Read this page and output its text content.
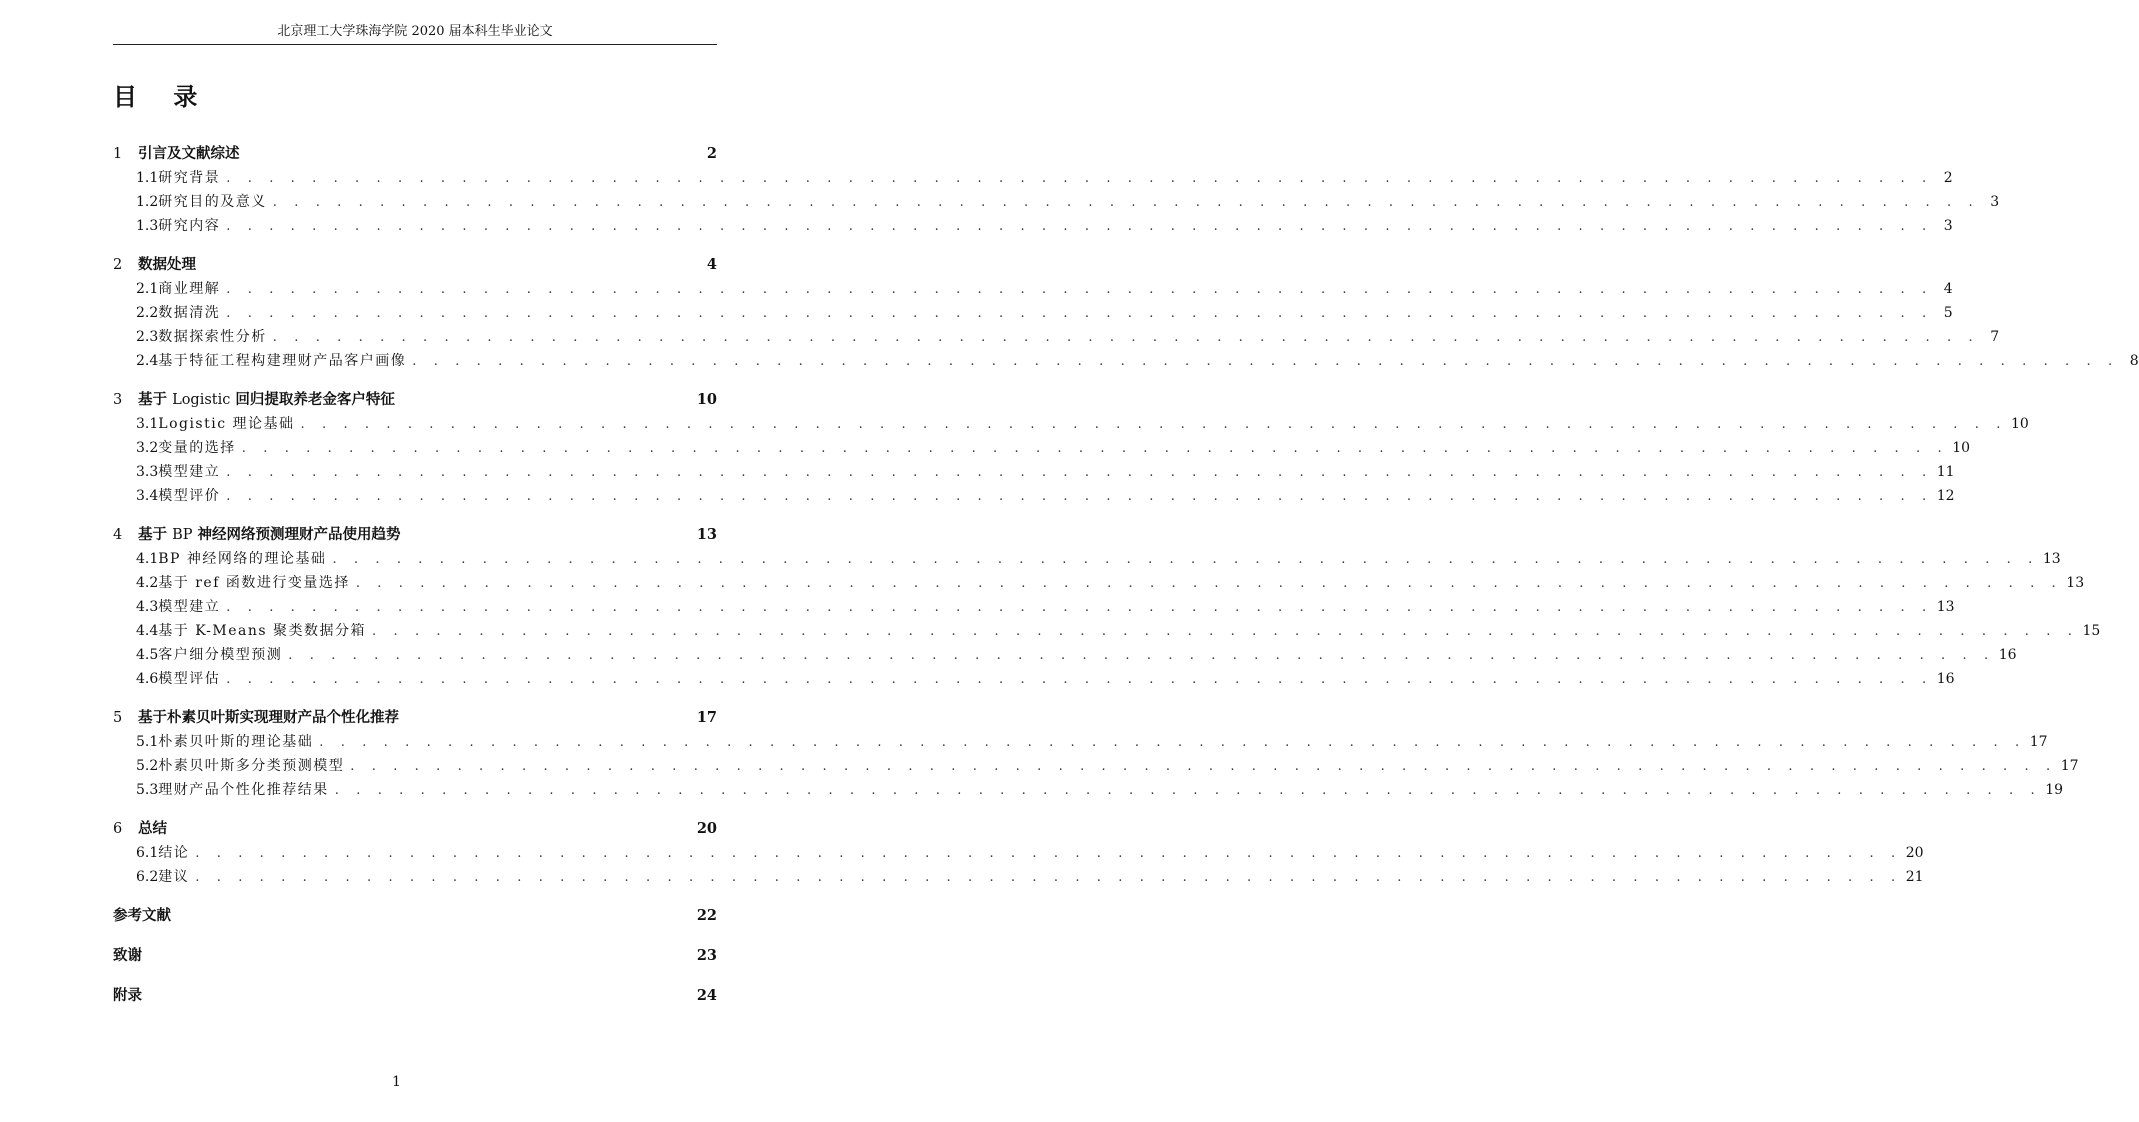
北京理工大学珠海学院 2020 届本科生毕业论文
目 录
1	引言及文献综述	2
1.1 研究背景 . . . . . . . . . . . . . . . . . . . . . . . . . . . . . . . . . . . . . . . . . . . . . . . . . . . . . . . . . . . . . . . . . . . . . . . . . . . . . . . . 2
1.2 研究目的及意义 . . . . . . . . . . . . . . . . . . . . . . . . . . . . . . . . . . . . . . . . . . . . . . . . . . . . . . . . . . . . . . . . . . . . . . . . . . . . . . . . 3
1.3 研究内容 . . . . . . . . . . . . . . . . . . . . . . . . . . . . . . . . . . . . . . . . . . . . . . . . . . . . . . . . . . . . . . . . . . . . . . . . . . . . . . . . 3
2	数据处理	4
2.1 商业理解 . . . . . . . . . . . . . . . . . . . . . . . . . . . . . . . . . . . . . . . . . . . . . . . . . . . . . . . . . . . . . . . . . . . . . . . . . . . . . . . . 4
2.2 数据清洗 . . . . . . . . . . . . . . . . . . . . . . . . . . . . . . . . . . . . . . . . . . . . . . . . . . . . . . . . . . . . . . . . . . . . . . . . . . . . . . . . 5
2.3 数据探索性分析 . . . . . . . . . . . . . . . . . . . . . . . . . . . . . . . . . . . . . . . . . . . . . . . . . . . . . . . . . . . . . . . . . . . . . . . . . . . . . . . . 7
2.4 基于特征工程构建理财产品客户画像 . . . . . . . . . . . . . . . . . . . . . . . . . . . . . . . . . . . . . . . . . . . . . . . . . . . . . . . . . . . . . . . . . . . . . . . . . . . . . . . . 8
3	基于 Logistic 回归提取养老金客户特征	10
3.1 Logistic 理论基础 . . . . . . . . . . . . . . . . . . . . . . . . . . . . . . . . . . . . . . . . . . . . . . . . . . . . . . . . . . . . . . . . . . . . . . . . . . . . . . . . 10
3.2 变量的选择 . . . . . . . . . . . . . . . . . . . . . . . . . . . . . . . . . . . . . . . . . . . . . . . . . . . . . . . . . . . . . . . . . . . . . . . . . . . . . . . . 10
3.3 模型建立 . . . . . . . . . . . . . . . . . . . . . . . . . . . . . . . . . . . . . . . . . . . . . . . . . . . . . . . . . . . . . . . . . . . . . . . . . . . . . . . . 11
3.4 模型评价 . . . . . . . . . . . . . . . . . . . . . . . . . . . . . . . . . . . . . . . . . . . . . . . . . . . . . . . . . . . . . . . . . . . . . . . . . . . . . . . . 12
4	基于 BP 神经网络预测理财产品使用趋势	13
4.1 BP 神经网络的理论基础 . . . . . . . . . . . . . . . . . . . . . . . . . . . . . . . . . . . . . . . . . . . . . . . . . . . . . . . . . . . . . . . . . . . . . . . . . . . . . . . . 13
4.2 基于 ref 函数进行变量选择 . . . . . . . . . . . . . . . . . . . . . . . . . . . . . . . . . . . . . . . . . . . . . . . . . . . . . . . . . . . . . . . . . . . . . . . . . . . . . . . . 13
4.3 模型建立 . . . . . . . . . . . . . . . . . . . . . . . . . . . . . . . . . . . . . . . . . . . . . . . . . . . . . . . . . . . . . . . . . . . . . . . . . . . . . . . . 13
4.4 基于 K-Means 聚类数据分箱 . . . . . . . . . . . . . . . . . . . . . . . . . . . . . . . . . . . . . . . . . . . . . . . . . . . . . . . . . . . . . . . . . . . . . . . . . . . . . . . . 15
4.5 客户细分模型预测 . . . . . . . . . . . . . . . . . . . . . . . . . . . . . . . . . . . . . . . . . . . . . . . . . . . . . . . . . . . . . . . . . . . . . . . . . . . . . . . . 16
4.6 模型评估 . . . . . . . . . . . . . . . . . . . . . . . . . . . . . . . . . . . . . . . . . . . . . . . . . . . . . . . . . . . . . . . . . . . . . . . . . . . . . . . . 16
5	基于朴素贝叶斯实现理财产品个性化推荐	17
5.1 朴素贝叶斯的理论基础 . . . . . . . . . . . . . . . . . . . . . . . . . . . . . . . . . . . . . . . . . . . . . . . . . . . . . . . . . . . . . . . . . . . . . . . . . . . . . . . . 17
5.2 朴素贝叶斯多分类预测模型 . . . . . . . . . . . . . . . . . . . . . . . . . . . . . . . . . . . . . . . . . . . . . . . . . . . . . . . . . . . . . . . . . . . . . . . . . . . . . . . . 17
5.3 理财产品个性化推荐结果 . . . . . . . . . . . . . . . . . . . . . . . . . . . . . . . . . . . . . . . . . . . . . . . . . . . . . . . . . . . . . . . . . . . . . . . . . . . . . . . . 19
6	总结	20
6.1 结论 . . . . . . . . . . . . . . . . . . . . . . . . . . . . . . . . . . . . . . . . . . . . . . . . . . . . . . . . . . . . . . . . . . . . . . . . . . . . . . . . 20
6.2 建议 . . . . . . . . . . . . . . . . . . . . . . . . . . . . . . . . . . . . . . . . . . . . . . . . . . . . . . . . . . . . . . . . . . . . . . . . . . . . . . . . 21
参考文献	22
致谢	23
附录	24
1
